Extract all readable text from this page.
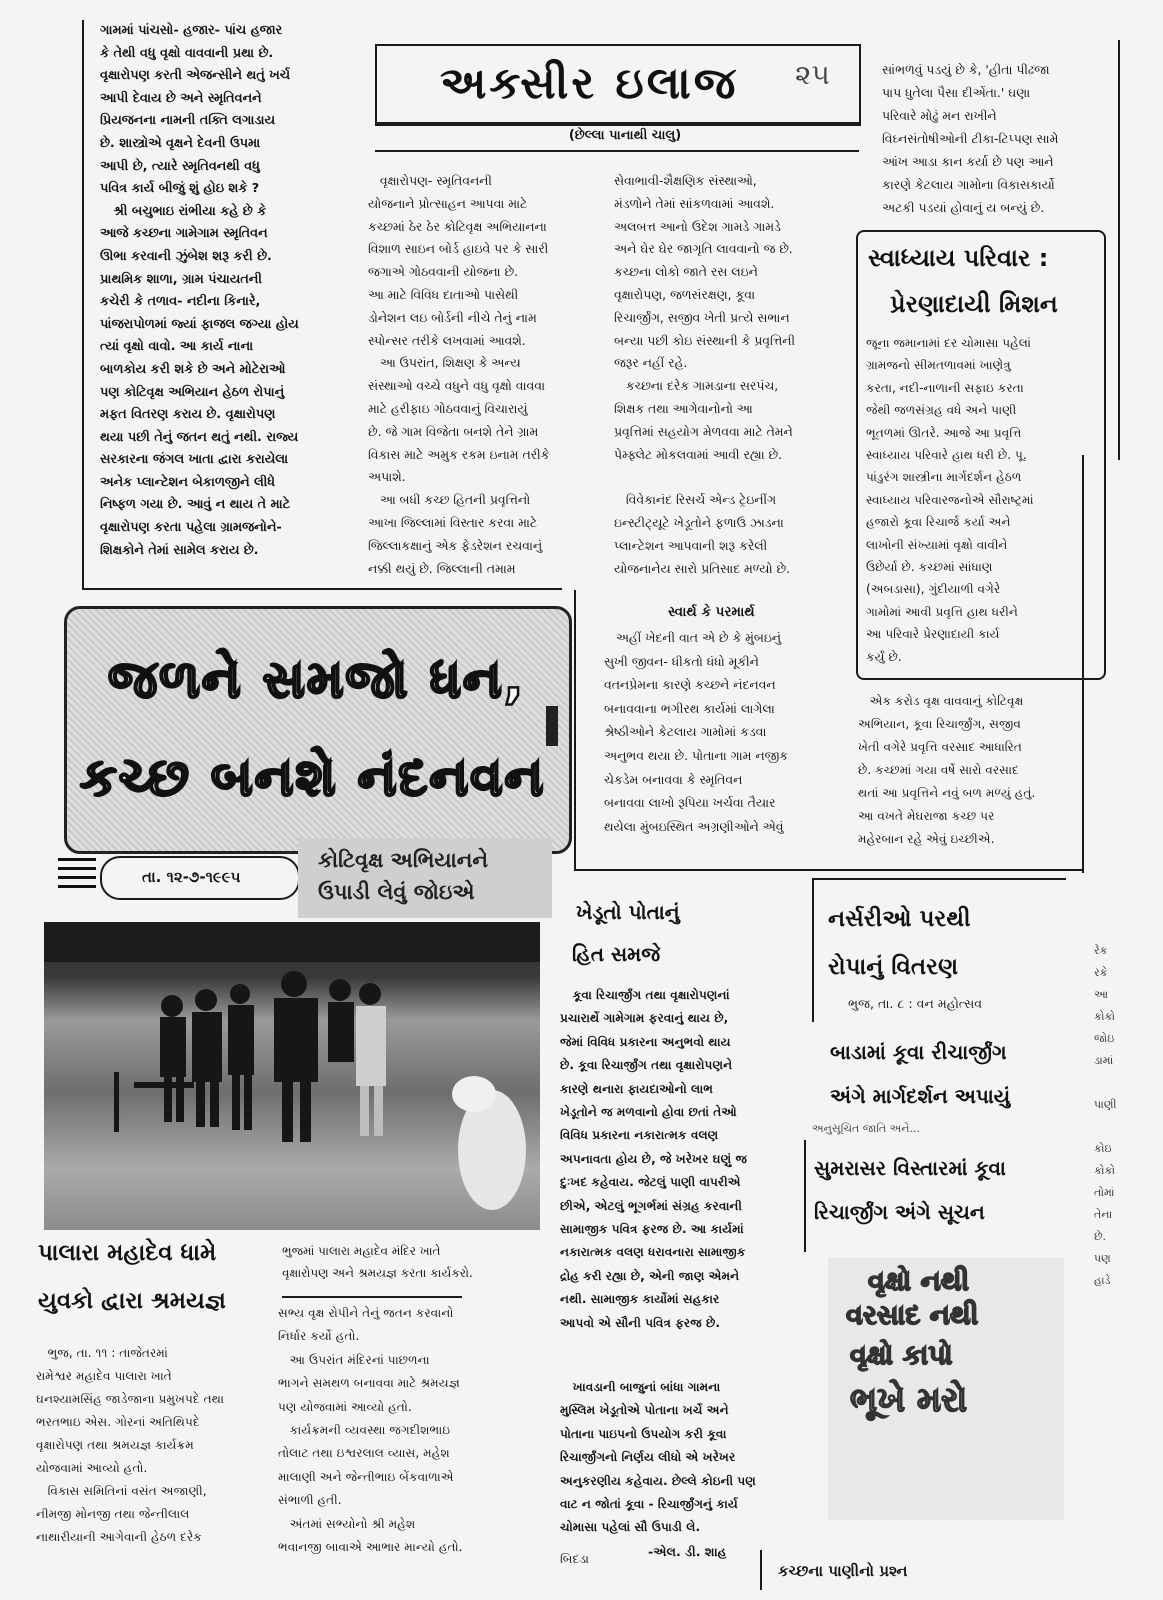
૨૫
અક્સીર ઇલાજ
(છેલ્લા પાનાથી ચાલુ)
ગામમાં પાંચસો- હજાર- પાંચ હજાર
કે તેથી વધુ વૃક્ષો વાવવાની પ્રથા છે.
વૃક્ષારોપણ કરતી એજન્સીને થતું ખર્ચ
આપી દેવાય છે અને સ્મૃતિવનને
પ્રિયજનના નામની તક્તિ લગાડાય
છે. શાસ્ત્રોએ વૃક્ષને દેવની ઉપમા
આપી છે, ત્યારે સ્મૃતિવનથી વધુ
પવિત્ર કાર્ય બીજું શું હોઇ શકે ?
શ્રી બચુભાઇ રાંભીયા કહે છે કે
આજે કચ્છના ગામેગામ સ્મૃતિવન
ઊભા કરવાની ઝુંબેશ શરૂ કરી છે.
પ્રાથમિક શાળા, ગ્રામ પંચાયતની
કચેરી કે તળાવ- નદીના કિનારે,
પાંજરાપોળમાં જ્યાં ફાજલ જગ્યા હોય
ત્યાં વૃક્ષો વાવો. આ કાર્ય નાના
બાળકોય કરી શકે છે અને મોટેરાઓ
પણ કોટિવૃક્ષ અભિયાન હેઠળ રોપાનું
મફત વિતરણ કરાય છે. વૃક્ષારોપણ
થયા પછી તેનું જતન થતું નથી. રાજ્ય
સરકારના જંગલ ખાતા દ્વારા કરાયેલા
અનેક પ્લાન્ટેશન બેકાળજીને લીધે
નિષ્ફળ ગયા છે. આવું ન થાય તે માટે
વૃક્ષારોપણ કરતા પહેલા ગ્રામજનોને-
શિક્ષકોને તેમાં સામેલ કરાય છે.
વૃક્ષારોપણ- સ્મૃતિવનની
યોજનાને પ્રોત્સાહન આપવા માટે
કચ્છમાં ઠેર ઠેર કોટિવૃક્ષ અભિયાનના
વિશાળ સાઇન બોર્ડ હાઇવે પર કે સારી
જગાએ ગોઠવવાની યોજના છે.
આ માટે વિવિધ દાતાઓ પાસેથી
ડોનેશન લઇ બોર્ડની નીચે તેનું નામ
સ્પોન્સર તરીકે લખવામાં આવશે.
આ ઉપરાંત, શિક્ષણ કે અન્ય
સંસ્થાઓ વચ્ચે વધુને વધુ વૃક્ષો વાવવા
માટે હરીફાઇ ગોઠવવાનું વિચારાયું
છે. જે ગામ વિજેતા બનશે તેને ગ્રામ
વિકાસ માટે અમુક રકમ ઇનામ તરીકે
અપાશે.
આ બધી કચ્છ હિતની પ્રવૃત્તિનો
આખા જિલ્લામાં વિસ્તાર કરવા માટે
જિલ્લાકક્ષાનું એક ફેડરેશન રચવાનું
નક્કી થયું છે. જિલ્લાની તમામ
સેવાભાવી-શૈક્ષણિક સંસ્થાઓ,
મંડળોને તેમાં સાંકળવામાં આવશે.
અલબત્ત આનો ઉદેશ ગામડે ગામડે
અને ઘેર ઘેર જાગૃતિ લાવવાનો જ છે.
કચ્છના લોકો જાતે રસ લઇને
વૃક્ષારોપણ, જળસંરક્ષણ, કૂવા
રિચાર્જીંગ, સજીવ ખેતી પ્રત્યે સભાન
બન્યા પછી કોઇ સંસ્થાની કે પ્રવૃત્તિની
જરૂર નહીં રહે.
કચ્છના દરેક ગામડાના સરપંચ,
શિક્ષક તથા આગેવાનોનો આ
પ્રવૃત્તિમાં સહયોગ મેળવવા માટે તેમને
પેમ્ફ્લેટ મોકલવામાં આવી રહ્યા છે.

વિવેકાનંદ રિસર્ચ એન્ડ ટ્રેઇનીંગ
ઇન્સ્ટીટ્યૂટે ખેડૂતોને ફળાઉ ઝાડના
પ્લાન્ટેશન આપવાની શરૂ કરેલી
યોજનાનેય સારો પ્રતિસાદ મળ્યો છે.
સ્વાર્થ કે પરમાર્થ
અહીં ખેદની વાત એ છે કે મુંબઇનું
સુખી જીવન- ધીકતો ધંધો મૂકીને
વતનપ્રેમના કારણે કચ્છને નંદનવન
બનાવવાના ભગીરથ કાર્યમાં લાગેલા
શ્રેષ્ઠીઓને કેટલાય ગામોમાં કડવા
અનુભવ થયા છે. પોતાના ગામ નજીક
ચેકડેમ બનાવવા કે સ્મૃતિવન
બનાવવા લાખો રૂપિયા ખર્ચવા તૈયાર
થયેલા મુંબઇસ્થિત અગ્રણીઓને એવું
સાંભળવું પડયું છે કે, 'હીતા પીઢજા
પાપ ધુતેલા પૈસા દીએંતા.' ઘણા
પરિવારે મોઢું મન રાખીને
વિઘ્નસંતોષીઓની ટીકા-ટિપ્પણ સામે
આંખ આડા કાન કર્યા છે પણ આને
કારણે કેટલાય ગામોના વિકાસકાર્યો
અટકી પડયાં હોવાનું ય બન્યું છે.
સ્વાધ્યાય પરિવાર :
પ્રેરણાદાયી મિશન
જૂના જમાનામાં દર ચોમાસા પહેલાં
ગ્રામજનો સીમતળાવમાં ખાણેત્રુ
કરતા, નદી-નાળાની સફાઇ કરતા
જેથી જળસંગ્રહ વધે અને પાણી
ભૂતળમાં ઊતરે. આજે આ પ્રવૃત્તિ
સ્વાધ્યાય પરિવારે હાથ ધરી છે. પૂ.
પાંડુરંગ શાસ્ત્રીના માર્ગદર્શન હેઠળ
સ્વાધ્યાય પરિવારજનોએ સૌરાષ્ટ્રમાં
હજારો કૂવા રિચાર્જ કર્યા અને
લાખોની સંખ્યામાં વૃક્ષો વાવીને
ઉછેર્યા છે. કચ્છમાં સાંધાણ
(અબડાસા), ગુંદીયાળી વગેરે
ગામોમાં આવી પ્રવૃત્તિ હાથ ધરીને
આ પરિવારે પ્રેરણાદાયી કાર્ય
કર્યું છે.
એક કરોડ વૃક્ષ વાવવાનું કોટિવૃક્ષ
અભિયાન, કૂવા રિચાર્જીંગ, સજીવ
ખેતી વગેરે પ્રવૃત્તિ વરસાદ આધારિત
છે. કચ્છમાં ગયા વર્ષે સારો વરસાદ
થતાં આ પ્રવૃત્તિને નવું બળ મળ્યું હતું.
આ વખતે મેઘરાજા કચ્છ પર
મહેરબાન રહે એવું ઇચ્છીએ.
જળને સમજો ધન,
કચ્છ બનશે નંદનવન
તા. ૧૨-૭-૧૯૯૫
કોટિવૃક્ષ અભિયાનને
ઉપાડી લેવું જોઇએ
ભુજમાં પાલારા મહાદેવ મંદિર ખાતે
વૃક્ષારોપણ અને શ્રમયજ્ઞ કરતા કાર્યકરો.
પાલારા મહાદેવ ધામે
યુવકો દ્વારા શ્રમયજ્ઞ
ભુજ, તા. ૧૧ : તાજેતરમાં
રામેશ્વર મહાદેવ પાલારા ખાતે
ઘનશ્યામસિંહ જાડેજાના પ્રમુખપદે તથા
ભરતભાઇ એસ. ગોરનાં અતિથિપદે
વૃક્ષારોપણ તથા શ્રમયજ્ઞ કાર્યક્રમ
યોજવામાં આવ્યો હતો.
વિકાસ સમિતિનાં વસંત અજાણી,
નીમજી મોનજી તથા જેન્તીલાલ
નાથારીયાની આગેવાની હેઠળ દરેક
સભ્ય વૃક્ષ રોપીને તેનું જતન કરવાનો
નિર્ધાર કર્યો હતો.
આ ઉપરાંત મંદિરનાં પાછળના
ભાગને સમથળ બનાવવા માટે શ્રમયજ્ઞ
પણ યોજવામાં આવ્યો હતો.
કાર્યક્રમની વ્યવસ્થા જગદીશભાઇ
તોલાટ તથા ઇશ્વરલાલ વ્યાસ, મહેશ
માલાણી અને જેન્તીભાઇ બેંકવાળાએ
સંભાળી હતી.
અંતમાં સભ્યોનો શ્રી મહેશ
ભવાનજી બાવાએ આભાર માન્યો હતો.
ખેડૂતો પોતાનું
હિત સમજે
કૂવા રિચાર્જીંગ તથા વૃક્ષારોપણનાં
પ્રચારાર્થે ગામેગામ ફરવાનું થાય છે,
જેમાં વિવિધ પ્રકારના અનુભવો થાય
છે. કૂવા રિચાર્જીંગ તથા વૃક્ષારોપણને
કારણે થનારા ફાયદાઓનો લાભ
ખેડૂતોને જ મળવાનો હોવા છતાં તેઓ
વિવિધ પ્રકારના નકારાત્મક વલણ
અપનાવતા હોય છે, જે ખરેખર ઘણું જ
દુઃખદ કહેવાય. જેટલું પાણી વાપરીએ
છીએ, એટલું ભૂગર્ભમાં સંગ્રહ કરવાની
સામાજીક પવિત્ર ફરજ છે. આ કાર્યમાં
નકારાત્મક વલણ ધરાવનારા સામાજીક
દ્રોહ કરી રહ્યા છે, એની જાણ એમને
નથી. સામાજીક કાર્યોમાં સહકાર
આપવો એ સૌની પવિત્ર ફરજ છે.
ખાવડાની બાજુનાં બાંધા ગામના
મુસ્લિમ ખેડૂતોએ પોતાના ખર્ચે અને
પોતાના પાઇપનો ઉપયોગ કરી કૂવા
રિચાર્જીંગનો નિર્ણય લીધો એ ખરેખર
અનુકરણીય કહેવાય. છેલ્લે કોઇની પણ
વાટ ન જોતાં કૂવા - રિચાર્જીંગનું કાર્ય
ચોમાસા પહેલાં સૌ ઉપાડી લે.
બિદડા	-એલ. ડી. શાહ
નર્સરીઓ પરથી
રોપાનું વિતરણ
ભુજ, તા. ૮ : વન મહોત્સવ
બાડામાં કૂવા રીચાર્જીંગ
અંગે માર્ગદર્શન અપાયું
અનુસૂચિત જાતિ અને...
સુમરાસર વિસ્તારમાં કૂવા
રિચાર્જીંગ અંગે સૂચન
વૃક્ષો નથી
વરસાદ નથી
વૃક્ષો કાપો
ભૂખે મરો
કચ્છના પાણીનો પ્રશ્ન
રેક
રકે
આ
કોકો
જોઇ
ડામાં
પાણી
કોઇ
કોકો
તોમાં
તેના
છે.
પણ
હાડે
